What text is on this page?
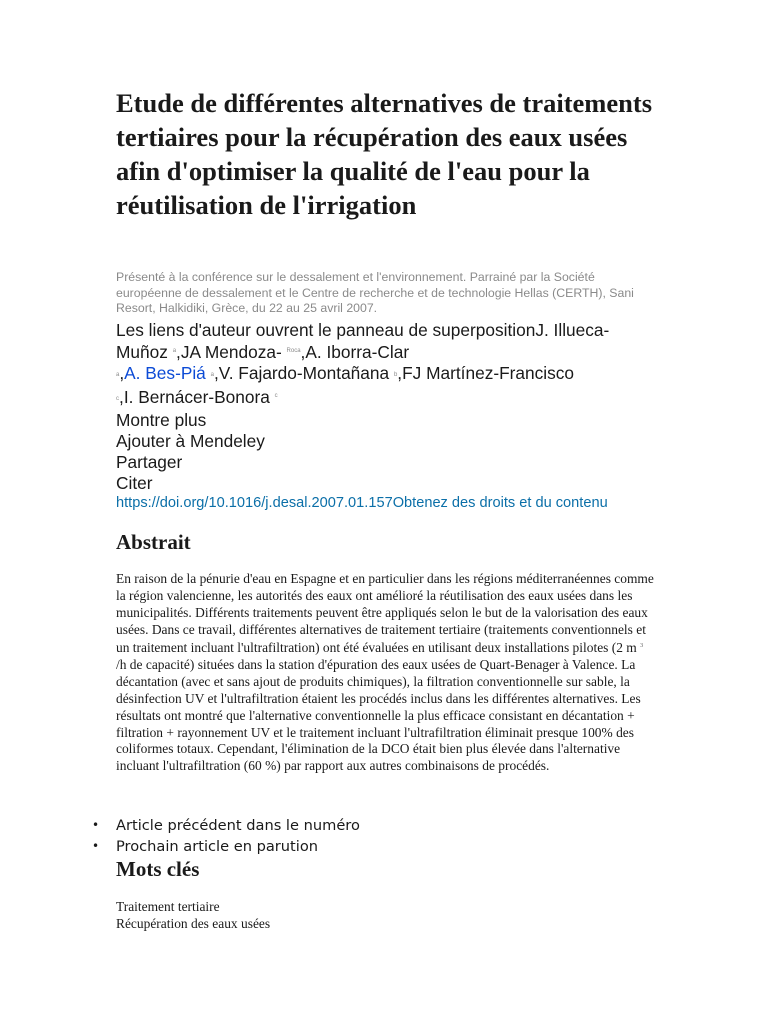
Etude de différentes alternatives de traitements tertiaires pour la récupération des eaux usées afin d'optimiser la qualité de l'eau pour la réutilisation de l'irrigation
Présenté à la conférence sur le dessalement et l'environnement. Parrainé par la Société européenne de dessalement et le Centre de recherche et de technologie Hellas (CERTH), Sani Resort, Halkidiki, Grèce, du 22 au 25 avril 2007.
Les liens d'auteur ouvrent le panneau de superpositionJ. Illueca-Muñoz $^a$,JA Mendoza- $^{Roca}$,A. Iborra-Clar
$_a$,A. Bes-Piá $_a$,V. Fajardo-Montañana $_b$,FJ Martínez-Francisco
$_c$,I. Bernácer-Bonora $^c$
Montre plus
Ajouter à Mendeley
Partager
Citer
https://doi.org/10.1016/j.desal.2007.01.157Obtenez des droits et du contenu
Abstrait
En raison de la pénurie d'eau en Espagne et en particulier dans les régions méditerranéennes comme la région valencienne, les autorités des eaux ont amélioré la réutilisation des eaux usées dans les municipalités. Différents traitements peuvent être appliqués selon le but de la valorisation des eaux usées. Dans ce travail, différentes alternatives de traitement tertiaire (traitements conventionnels et un traitement incluant l'ultrafiltration) ont été évaluées en utilisant deux installations pilotes (2 m $^3$ /h de capacité) situées dans la station d'épuration des eaux usées de Quart-Benager à Valence. La décantation (avec et sans ajout de produits chimiques), la filtration conventionnelle sur sable, la désinfection UV et l'ultrafiltration étaient les procédés inclus dans les différentes alternatives. Les résultats ont montré que l'alternative conventionnelle la plus efficace consistant en décantation + filtration + rayonnement UV et le traitement incluant l'ultrafiltration éliminait presque 100% des coliformes totaux. Cependant, l'élimination de la DCO était bien plus élevée dans l'alternative incluant l'ultrafiltration (60 %) par rapport aux autres combinaisons de procédés.
• Article précédent dans le numéro
• Prochain article en parution
Mots clés
Traitement tertiaire
Récupération des eaux usées
